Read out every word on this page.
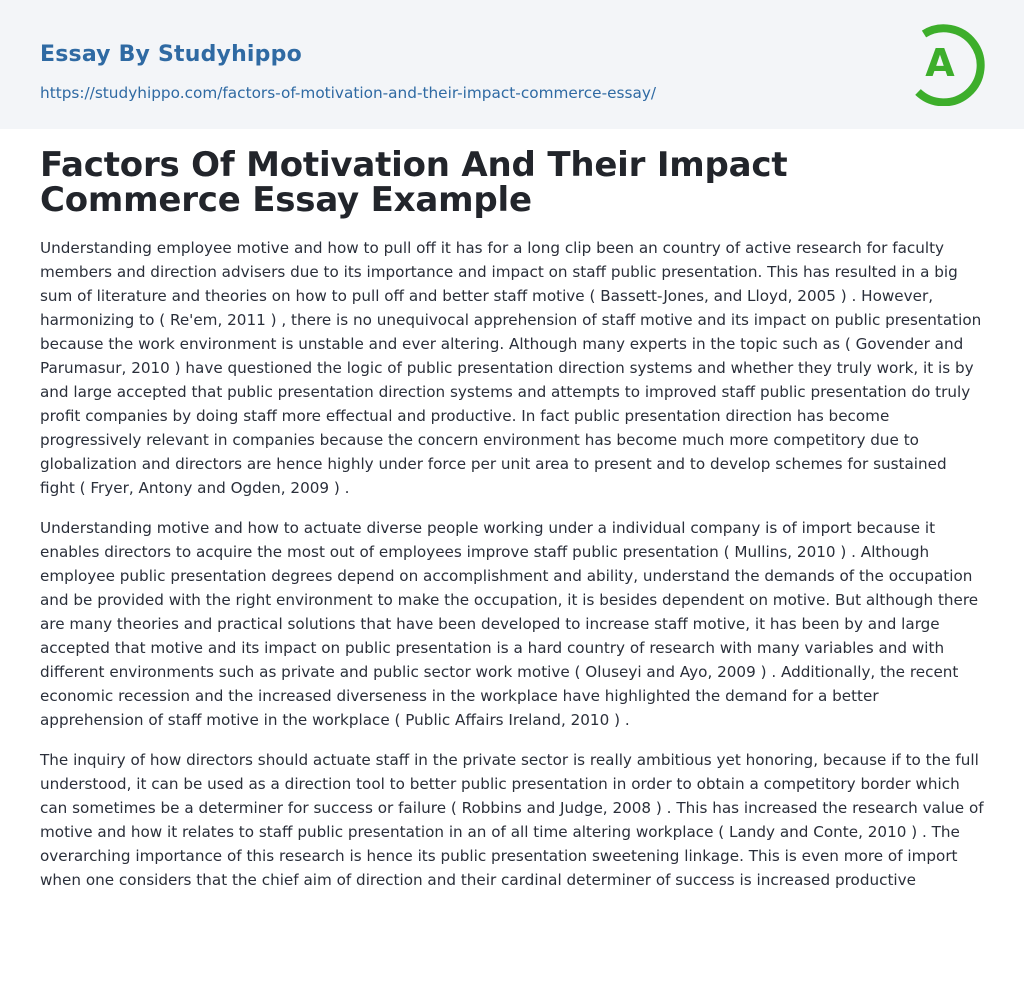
Essay By Studyhippo
https://studyhippo.com/factors-of-motivation-and-their-impact-commerce-essay/
A
Factors Of Motivation And Their Impact Commerce Essay Example

Understanding employee motive and how to pull off it has for a long clip been an country of active research for faculty members and direction advisers due to its importance and impact on staff public presentation. This has resulted in a big sum of literature and theories on how to pull off and better staff motive ( Bassett-Jones, and Lloyd, 2005 ) . However, harmonizing to ( Re'em, 2011 ) , there is no unequivocal apprehension of staff motive and its impact on public presentation because the work environment is unstable and ever altering. Although many experts in the topic such as ( Govender and Parumasur, 2010 ) have questioned the logic of public presentation direction systems and whether they truly work, it is by and large accepted that public presentation direction systems and attempts to improved staff public presentation do truly profit companies by doing staff more effectual and productive. In fact public presentation direction has become progressively relevant in companies because the concern environment has become much more competitory due to globalization and directors are hence highly under force per unit area to present and to develop schemes for sustained fight ( Fryer, Antony and Ogden, 2009 ) .

Understanding motive and how to actuate diverse people working under a individual company is of import because it enables directors to acquire the most out of employees improve staff public presentation ( Mullins, 2010 ) . Although employee public presentation degrees depend on accomplishment and ability, understand the demands of the occupation and be provided with the right environment to make the occupation, it is besides dependent on motive. But although there are many theories and practical solutions that have been developed to increase staff motive, it has been by and large accepted that motive and its impact on public presentation is a hard country of research with many variables and with different environments such as private and public sector work motive ( Oluseyi and Ayo, 2009 ) . Additionally, the recent economic recession and the increased diverseness in the workplace have highlighted the demand for a better apprehension of staff motive in the workplace ( Public Affairs Ireland, 2010 ) .

The inquiry of how directors should actuate staff in the private sector is really ambitious yet honoring, because if to the full understood, it can be used as a direction tool to better public presentation in order to obtain a competitory border which can sometimes be a determiner for success or failure ( Robbins and Judge, 2008 ) . This has increased the research value of motive and how it relates to staff public presentation in an of all time altering workplace ( Landy and Conte, 2010 ) . The overarching importance of this research is hence its public presentation sweetening linkage. This is even more of import when one considers that the chief aim of direction and their cardinal determiner of success is increased productive
